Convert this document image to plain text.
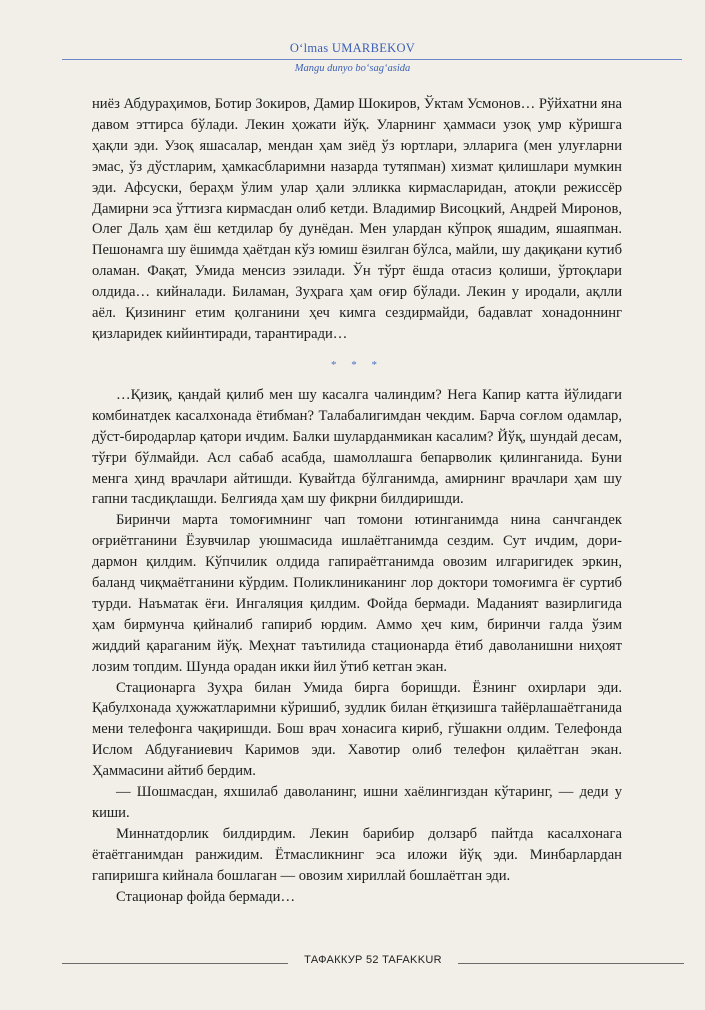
O‘lmas UMARBEKOV
Mangu dunyo bo‘sag‘asida

ниёз Абдураҳимов, Ботир Зокиров, Дамир Шокиров, Ўктам Усмонов… Рўйхатни яна давом эттирса бўлади. Лекин ҳожати йўқ. Уларнинг ҳаммаси узоқ умр кўришга ҳақли эди. Узоқ яшасалар, мендан ҳам зиёд ўз юртлари, элларига (мен улуғларни эмас, ўз дўстларим, ҳамкасбларимни назарда тутяпман) хизмат қилишлари мумкин эди. Афсуски, бераҳм ўлим улар ҳали элликка кирмасларидан, атоқли режиссёр Дамирни эса ўттизга кирмасдан олиб кетди. Владимир Висоцкий, Андрей Миронов, Олег Даль ҳам ёш кетдилар бу дунёдан. Мен улардан кўпроқ яшадим, яшаяпман. Пешонамга шу ёшимда ҳаётдан кўз юмиш ёзилган бўлса, майли, шу дақиқани кутиб оламан. Фақат, Умида менсиз эзилади. Ўн тўрт ёшда отасиз қолиши, ўртоқлари олдида… кийналади. Биламан, Зуҳрага ҳам оғир бўлади. Лекин у иродали, ақлли аёл. Қизининг етим қолганини ҳеч кимга сездирмайди, бадавлат хонадоннинг қизларидек кийинтиради, тарантиради…

* * *

…Қизиқ, қандай қилиб мен шу касалга чалиндим? Нега Капир катта йўлидаги комбинатдек касалхонада ётибман? Талабалигимдан чекдим. Барча соғлом одамлар, дўст-биродарлар қатори ичдим. Балки шуларданмикан касалим? Йўқ, шундай десам, тўғри бўлмайди. Асл сабаб асабда, шамоллашга бепарволик қилинганида. Буни менга ҳинд врачлари айтишди. Кувайтда бўлганимда, амирнинг врачлари ҳам шу гапни тасдиқлашди. Белгияда ҳам шу фикрни билдиришди.

Биринчи марта томоғимнинг чап томони ютинганимда нина санчгандек оғриётганини Ёзувчилар уюшмасида ишлаётганимда сездим. Сут ичдим, дори-дармон қилдим. Кўпчилик олдида гапираётганимда овозим илгаригидек эркин, баланд чиқмаётганини кўрдим. Поликлиниканинг лор доктори томоғимга ёғ суртиб турди. Наъматак ёғи. Ингаляция қилдим. Фойда бермади. Маданият вазирлигида ҳам бирмунча қийналиб гапириб юрдим. Аммо ҳеч ким, биринчи галда ўзим жиддий қараганим йўқ. Меҳнат таътилида стационарда ётиб даволанишни ниҳоят лозим топдим. Шунда орадан икки йил ўтиб кетган экан.

Стационарга Зуҳра билан Умида бирга боришди. Ёзнинг охирлари эди. Қабулхонада ҳужжатларимни кўришиб, зудлик билан ётқизишга тайёрлашаётганида мени телефонга чақиришди. Бош врач хонасига кириб, гўшакни олдим. Телефонда Ислом Абдуғаниевич Каримов эди. Хавотир олиб телефон қилаётган экан. Ҳаммасини айтиб бердим.

— Шошмасдан, яхшилаб даволанинг, ишни хаёлингиздан кўтаринг, — деди у киши.

Миннатдорлик билдирдим. Лекин барибир долзарб пайтда касалхонага ётаётганимдан ранжидим. Ётмасликнинг эса иложи йўқ эди. Минбарлардан гапиришга кийнала бошлаган — овозим хириллай бошлаётган эди.

Стационар фойда бермади…

ТАФАККУР 52 TAFAKKUR
